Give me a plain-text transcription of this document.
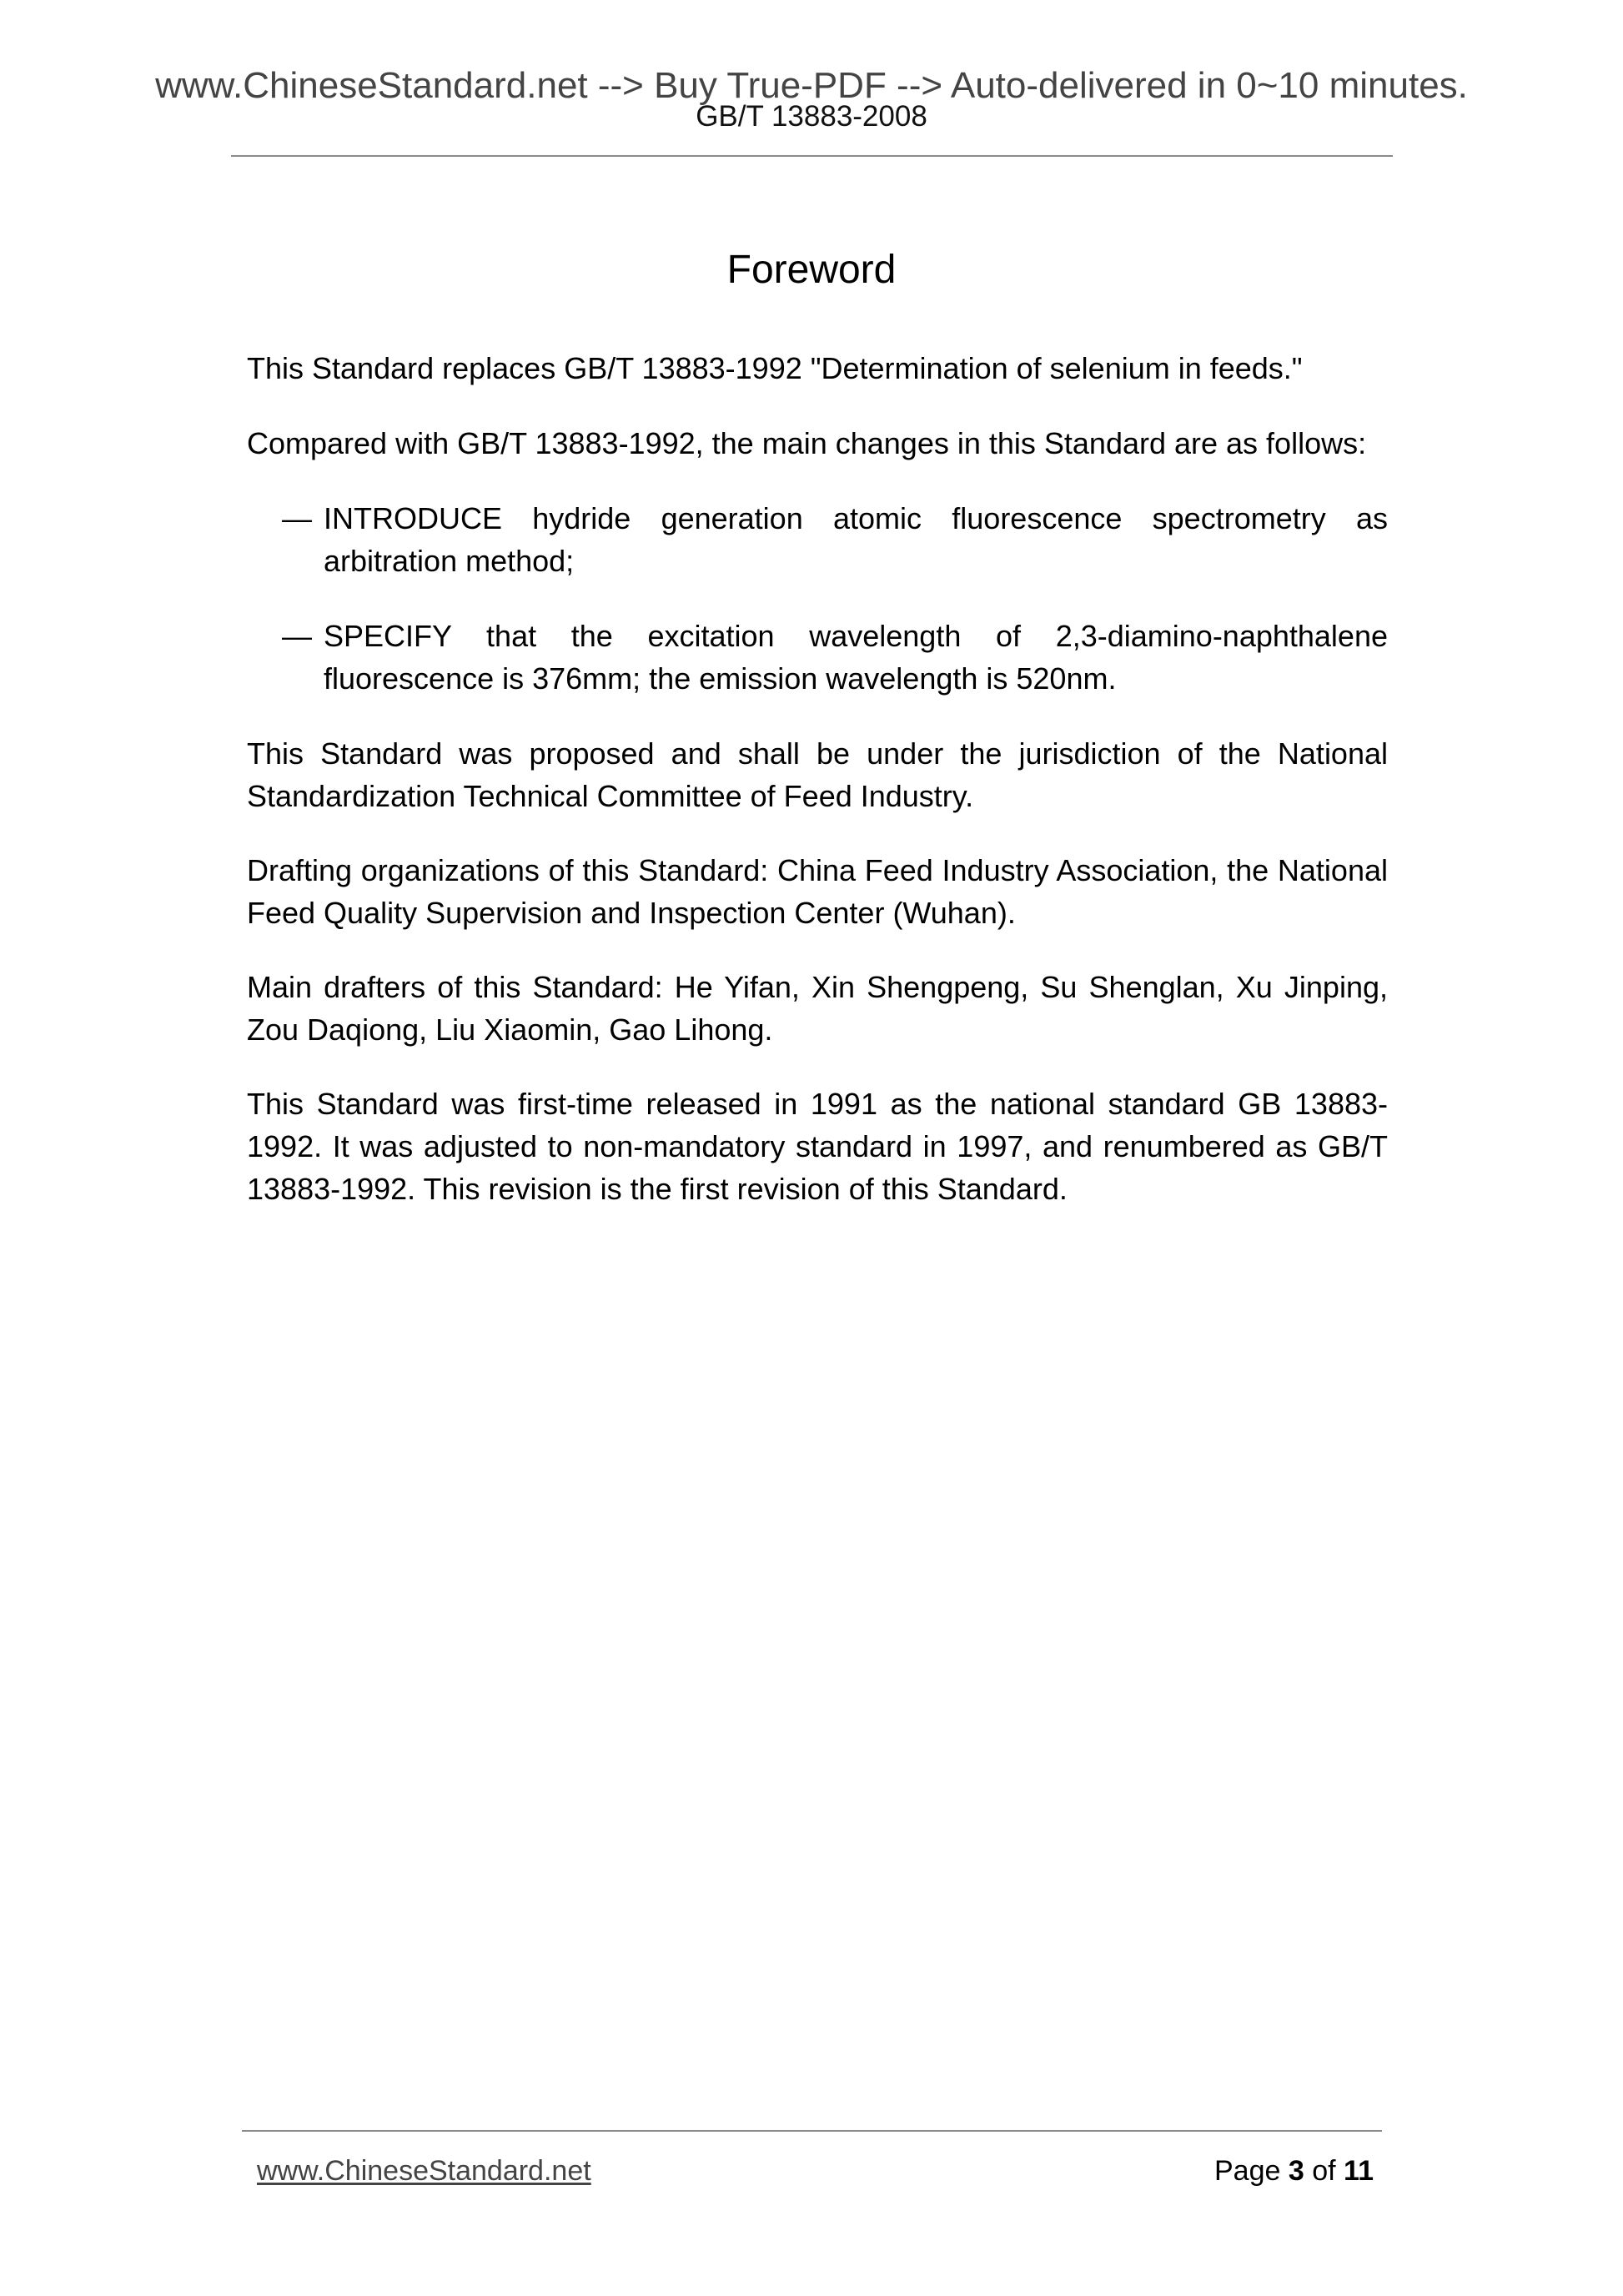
www.ChineseStandard.net --> Buy True-PDF --> Auto-delivered in 0~10 minutes.
GB/T 13883-2008
Foreword

This Standard replaces GB/T 13883-1992 "Determination of selenium in feeds."

Compared with GB/T 13883-1992, the main changes in this Standard are as follows:

— INTRODUCE hydride generation atomic fluorescence spectrometry as arbitration method;
— SPECIFY that the excitation wavelength of 2,3-diamino-naphthalene fluorescence is 376mm; the emission wavelength is 520nm.

This Standard was proposed and shall be under the jurisdiction of the National Standardization Technical Committee of Feed Industry.

Drafting organizations of this Standard: China Feed Industry Association, the National Feed Quality Supervision and Inspection Center (Wuhan).

Main drafters of this Standard: He Yifan, Xin Shengpeng, Su Shenglan, Xu Jinping, Zou Daqiong, Liu Xiaomin, Gao Lihong.

This Standard was first-time released in 1991 as the national standard GB 13883-1992. It was adjusted to non-mandatory standard in 1997, and renumbered as GB/T 13883-1992. This revision is the first revision of this Standard.

www.ChineseStandard.net	Page 3 of 11
